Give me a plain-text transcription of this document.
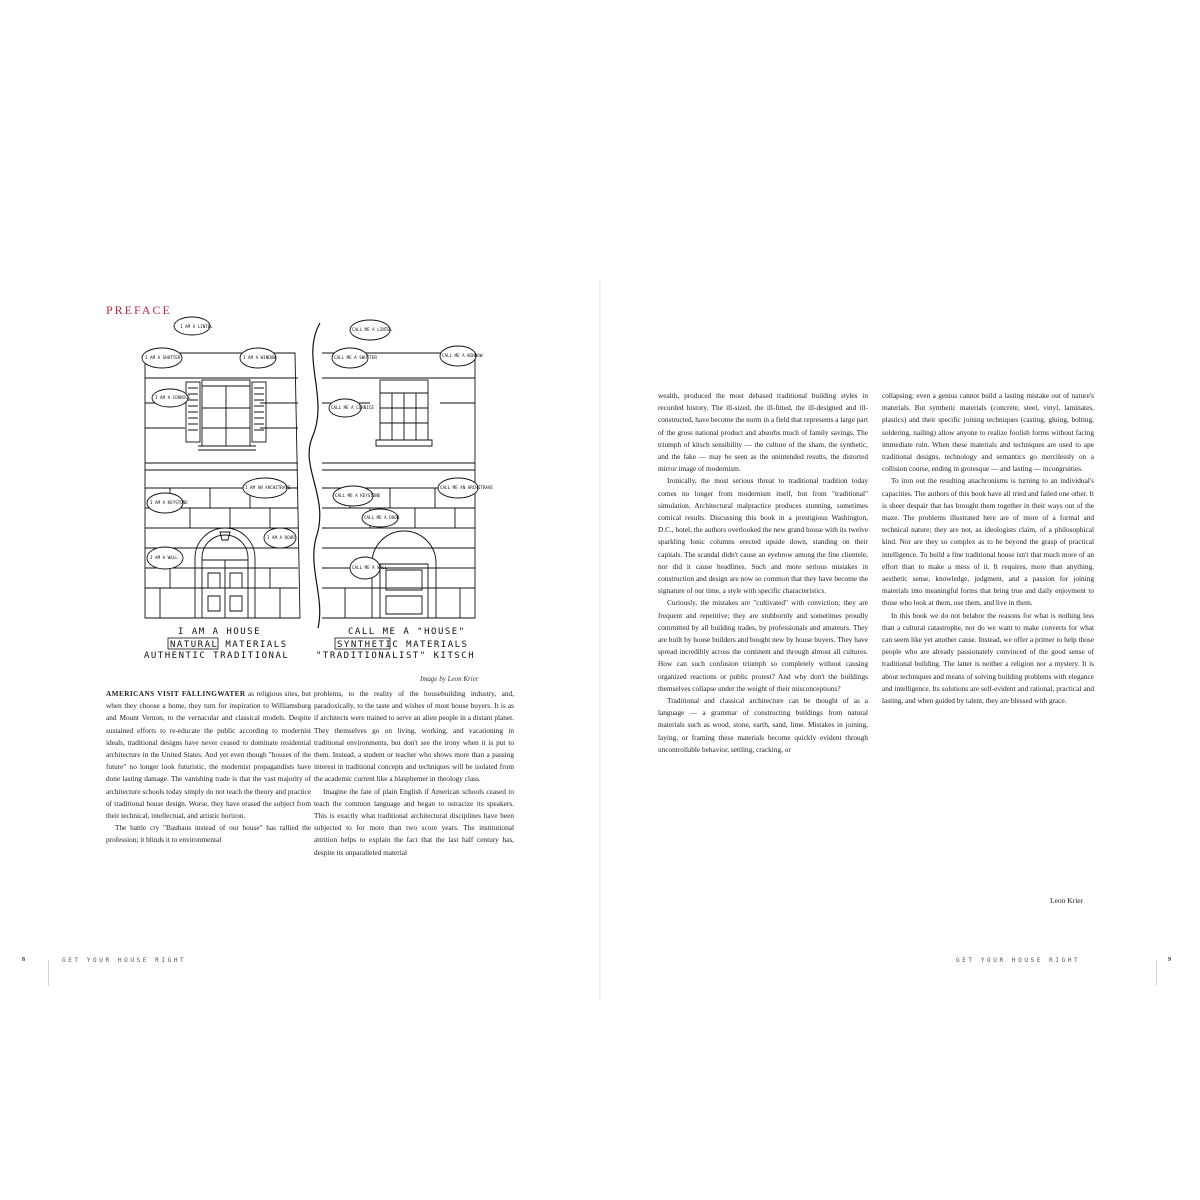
PREFACE
I AM A HOUSE	CALL ME A "HOUSE"
NATURAL MATERIALS	SYNTHETIC MATERIALS
AUTHENTIC TRADITIONAL	"TRADITIONALIST" KITSCH
I AM A LINTEL
I AM A SHUTTER	I AM A WINDOW
I AM A CORNICE
I AM AN ARCHITRAVE
I AM A KEYSTONE
I AM A DOOR
I AM A WALL
CALL ME A LINTEL
CALL ME A SHUTTER	CALL ME A WINDOW
CALL ME A CORNICE
CALL ME AN ARCHITRAVE
CALL ME A KEYSTONE
CALL ME A DOOR
CALL ME A WALL
Image by Leon Krier

AMERICANS VISIT FALLINGWATER as religious sites, but when they choose a home, they turn for inspiration to Williamsburg and Mount Vernon, to the vernacular and classical models. Despite sustained efforts to re-educate the public according to modernist ideals, traditional designs have never ceased to dominate residential architecture in the United States. And yet even though "houses of the future" no longer look futuristic, the modernist propagandists have done lasting damage. The vanishing trade is that the vast majority of architecture schools today simply do not teach the theory and practice of traditional house design. Worse, they have erased the subject from their technical, intellectual, and artistic horizon.

The battle cry "Bauhaus instead of our house" has rallied the profession; it blinds it to environmental

problems, to the reality of the housebuilding industry, and, paradoxically, to the taste and wishes of most house buyers. It is as if architects were trained to serve an alien people in a distant planet. They themselves go on living, working, and vacationing in traditional environments, but don't see the irony when it is put to them. Instead, a student or teacher who shows more than a passing interest in traditional concepts and techniques will be isolated from the academic current like a blasphemer in theology class.

Imagine the fate of plain English if American schools ceased to teach the common language and began to ostracize its speakers. This is exactly what traditional architectural disciplines have been subjected to for more than two score years. The institutional attrition helps to explain the fact that the last half century has, despite its unparalleled material

wealth, produced the most debased traditional building styles in recorded history. The ill-sized, the ill-fitted, the ill-designed and ill-constructed, have become the norm in a field that represents a large part of the gross national product and absorbs much of family savings. The triumph of kitsch sensibility — the culture of the sham, the synthetic, and the fake — may be seen as the unintended results, the distorted mirror image of modernism.

Ironically, the most serious threat to traditional tradition today comes no longer from modernism itself, but from "traditional" simulation. Architectural malpractice produces stunning, sometimes comical results. Discussing this book in a prestigious Washington, D.C., hotel, the authors overlooked the new grand house with its twelve sparkling Ionic columns erected upside down, standing on their capitals. The scandal didn't cause an eyebrow among the fine clientele, nor did it cause headlines. Such and more serious mistakes in construction and design are now so common that they have become the signature of our time, a style with specific characteristics.

Curiously, the mistakes are "cultivated" with conviction; they are frequent and repetitive; they are stubbornly and sometimes proudly committed by all building trades, by professionals and amateurs. They are built by house builders and bought new by house buyers. They have spread incredibly across the continent and through almost all cultures. How can such confusion triumph so completely without causing organized reactions or public protest? And why don't the buildings themselves collapse under the weight of their misconceptions?

Traditional and classical architecture can be thought of as a language — a grammar of constructing buildings from natural materials such as wood, stone, earth, sand, lime. Mistakes in joining, laying, or framing these materials become quickly evident through uncontrollable behavior, settling, cracking, or

collapsing; even a genius cannot build a lasting mistake out of nature's materials. But synthetic materials (concrete, steel, vinyl, laminates, plastics) and their specific joining techniques (casting, gluing, bolting, soldering, nailing) allow anyone to realize foolish forms without facing immediate ruin. When these materials and techniques are used to ape traditional designs, technology and semantics go mercilessly on a collision course, ending in grotesque — and lasting — incongruities.

To iron out the resulting anachronisms is turning to an individual's capacities. The authors of this book have all tried and failed one other. It is sheer despair that has brought them together in their ways out of the maze. The problems illustrated here are of more of a formal and technical nature; they are not, as ideologists claim, of a philosophical kind. Nor are they so complex as to be beyond the grasp of practical intelligence. To build a fine traditional house isn't that much more of an effort than to make a mess of it. It requires, more than anything, aesthetic sense, knowledge, judgment, and a passion for joining materials into meaningful forms that bring true and daily enjoyment to those who look at them, use them, and live in them.

In this book we do not belabor the reasons for what is nothing less than a cultural catastrophe, nor do we want to make converts for what can seem like yet another cause. Instead, we offer a primer to help those people who are already passionately convinced of the good sense of traditional building. The latter is neither a religion nor a mystery. It is about techniques and means of solving building problems with elegance and intelligence. Its solutions are self-evident and rational, practical and lasting, and when guided by talent, they are blessed with grace.

Leon Krier
8	GET YOUR HOUSE RIGHT	GET YOUR HOUSE RIGHT	9
